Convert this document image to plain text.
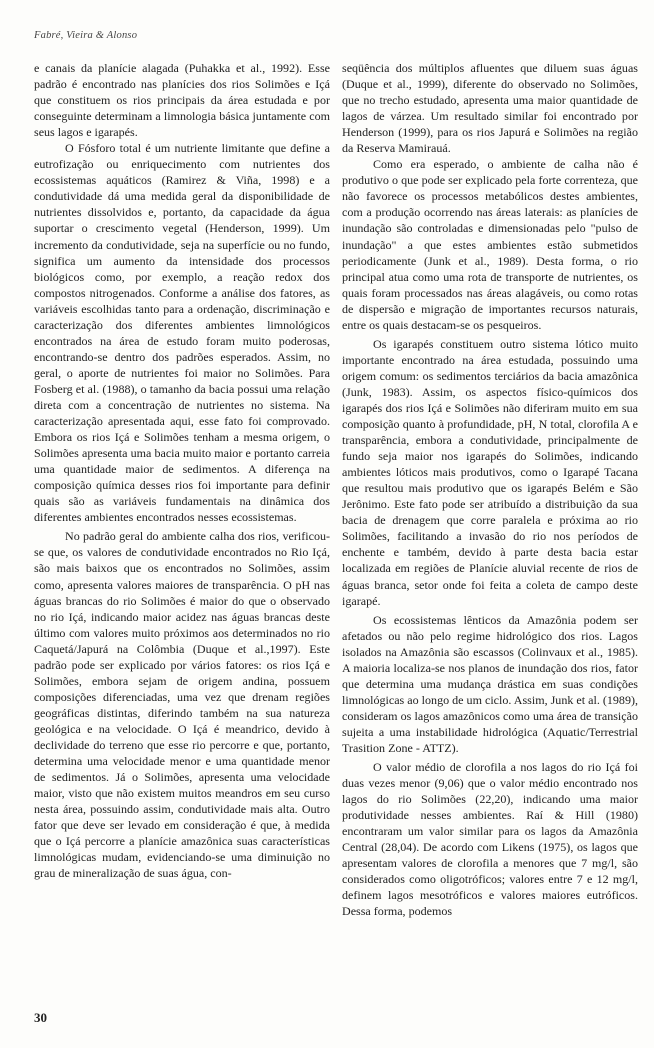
Fabré, Vieira & Alonso

e canais da planície alagada (Puhakka et al., 1992). Esse padrão é encontrado nas planícies dos rios Solimões e Içá que constituem os rios principais da área estudada e por conseguinte determinam a limnologia básica juntamente com seus lagos e igarapés.

O Fósforo total é um nutriente limitante que define a eutrofização ou enriquecimento com nutrientes dos ecossistemas aquáticos (Ramirez & Viña, 1998) e a condutividade dá uma medida geral da disponibilidade de nutrientes dissolvidos e, portanto, da capacidade da água suportar o crescimento vegetal (Henderson, 1999). Um incremento da condutividade, seja na superfície ou no fundo, significa um aumento da intensidade dos processos biológicos como, por exemplo, a reação redox dos compostos nitrogenados. Conforme a análise dos fatores, as variáveis escolhidas tanto para a ordenação, discriminação e caracterização dos diferentes ambientes limnológicos encontrados na área de estudo foram muito poderosas, encontrando-se dentro dos padrões esperados. Assim, no geral, o aporte de nutrientes foi maior no Solimões. Para Fosberg et al. (1988), o tamanho da bacia possui uma relação direta com a concentração de nutrientes no sistema. Na caracterização apresentada aqui, esse fato foi comprovado. Embora os rios Içá e Solimões tenham a mesma origem, o Solimões apresenta uma bacia muito maior e portanto carreia uma quantidade maior de sedimentos. A diferença na composição química desses rios foi importante para definir quais são as variáveis fundamentais na dinâmica dos diferentes ambientes encontrados nesses ecossistemas.

No padrão geral do ambiente calha dos rios, verificou-se que, os valores de condutividade encontrados no Rio Içá, são mais baixos que os encontrados no Solimões, assim como, apresenta valores maiores de transparência. O pH nas águas brancas do rio Solimões é maior do que o observado no rio Içá, indicando maior acidez nas águas brancas deste último com valores muito próximos aos determinados no rio Caquetá/Japurá na Colômbia (Duque et al.,1997). Este padrão pode ser explicado por vários fatores: os rios Içá e Solimões, embora sejam de origem andina, possuem composições diferenciadas, uma vez que drenam regiões geográficas distintas, diferindo também na sua natureza geológica e na velocidade. O Içá é meandrico, devido à declividade do terreno que esse rio percorre e que, portanto, determina uma velocidade menor e uma quantidade menor de sedimentos. Já o Solimões, apresenta uma velocidade maior, visto que não existem muitos meandros em seu curso nesta área, possuindo assim, condutividade mais alta. Outro fator que deve ser levado em consideração é que, à medida que o Içá percorre a planície amazônica suas características limnológicas mudam, evidenciando-se uma diminuição no grau de mineralização de suas água, con-

seqüência dos múltiplos afluentes que diluem suas águas (Duque et al., 1999), diferente do observado no Solimões, que no trecho estudado, apresenta uma maior quantidade de lagos de várzea. Um resultado similar foi encontrado por Henderson (1999), para os rios Japurá e Solimões na região da Reserva Mamirauá.

Como era esperado, o ambiente de calha não é produtivo o que pode ser explicado pela forte correnteza, que não favorece os processos metabólicos destes ambientes, com a produção ocorrendo nas áreas laterais: as planícies de inundação são controladas e dimensionadas pelo "pulso de inundação" a que estes ambientes estão submetidos periodicamente (Junk et al., 1989). Desta forma, o rio principal atua como uma rota de transporte de nutrientes, os quais foram processados nas áreas alagáveis, ou como rotas de dispersão e migração de importantes recursos naturais, entre os quais destacam-se os pesqueiros.

Os igarapés constituem outro sistema lótico muito importante encontrado na área estudada, possuindo uma origem comum: os sedimentos terciários da bacia amazônica (Junk, 1983). Assim, os aspectos físico-químicos dos igarapés dos rios Içá e Solimões não diferiram muito em sua composição quanto à profundidade, pH, N total, clorofila A e transparência, embora a condutividade, principalmente de fundo seja maior nos igarapés do Solimões, indicando ambientes lóticos mais produtivos, como o Igarapé Tacana que resultou mais produtivo que os igarapés Belém e São Jerônimo. Este fato pode ser atribuído a distribuição da sua bacia de drenagem que corre paralela e próxima ao rio Solimões, facilitando a invasão do rio nos períodos de enchente e também, devido à parte desta bacia estar localizada em regiões de Planície aluvial recente de rios de águas branca, setor onde foi feita a coleta de campo deste igarapé.

Os ecossistemas lênticos da Amazônia podem ser afetados ou não pelo regime hidrológico dos rios. Lagos isolados na Amazônia são escassos (Colinvaux et al., 1985). A maioria localiza-se nos planos de inundação dos rios, fator que determina uma mudança drástica em suas condições limnológicas ao longo de um ciclo. Assim, Junk et al. (1989), consideram os lagos amazônicos como uma área de transição sujeita a uma instabilidade hidrológica (Aquatic/Terrestrial Trasition Zone - ATTZ).

O valor médio de clorofila a nos lagos do rio Içá foi duas vezes menor (9,06) que o valor médio encontrado nos lagos do rio Solimões (22,20), indicando uma maior produtividade nesses ambientes. Raí & Hill (1980) encontraram um valor similar para os lagos da Amazônia Central (28,04). De acordo com Likens (1975), os lagos que apresentam valores de clorofila a menores que 7 mg/l, são considerados como oligotróficos; valores entre 7 e 12 mg/l, definem lagos mesotróficos e valores maiores eutróficos. Dessa forma, podemos

30
